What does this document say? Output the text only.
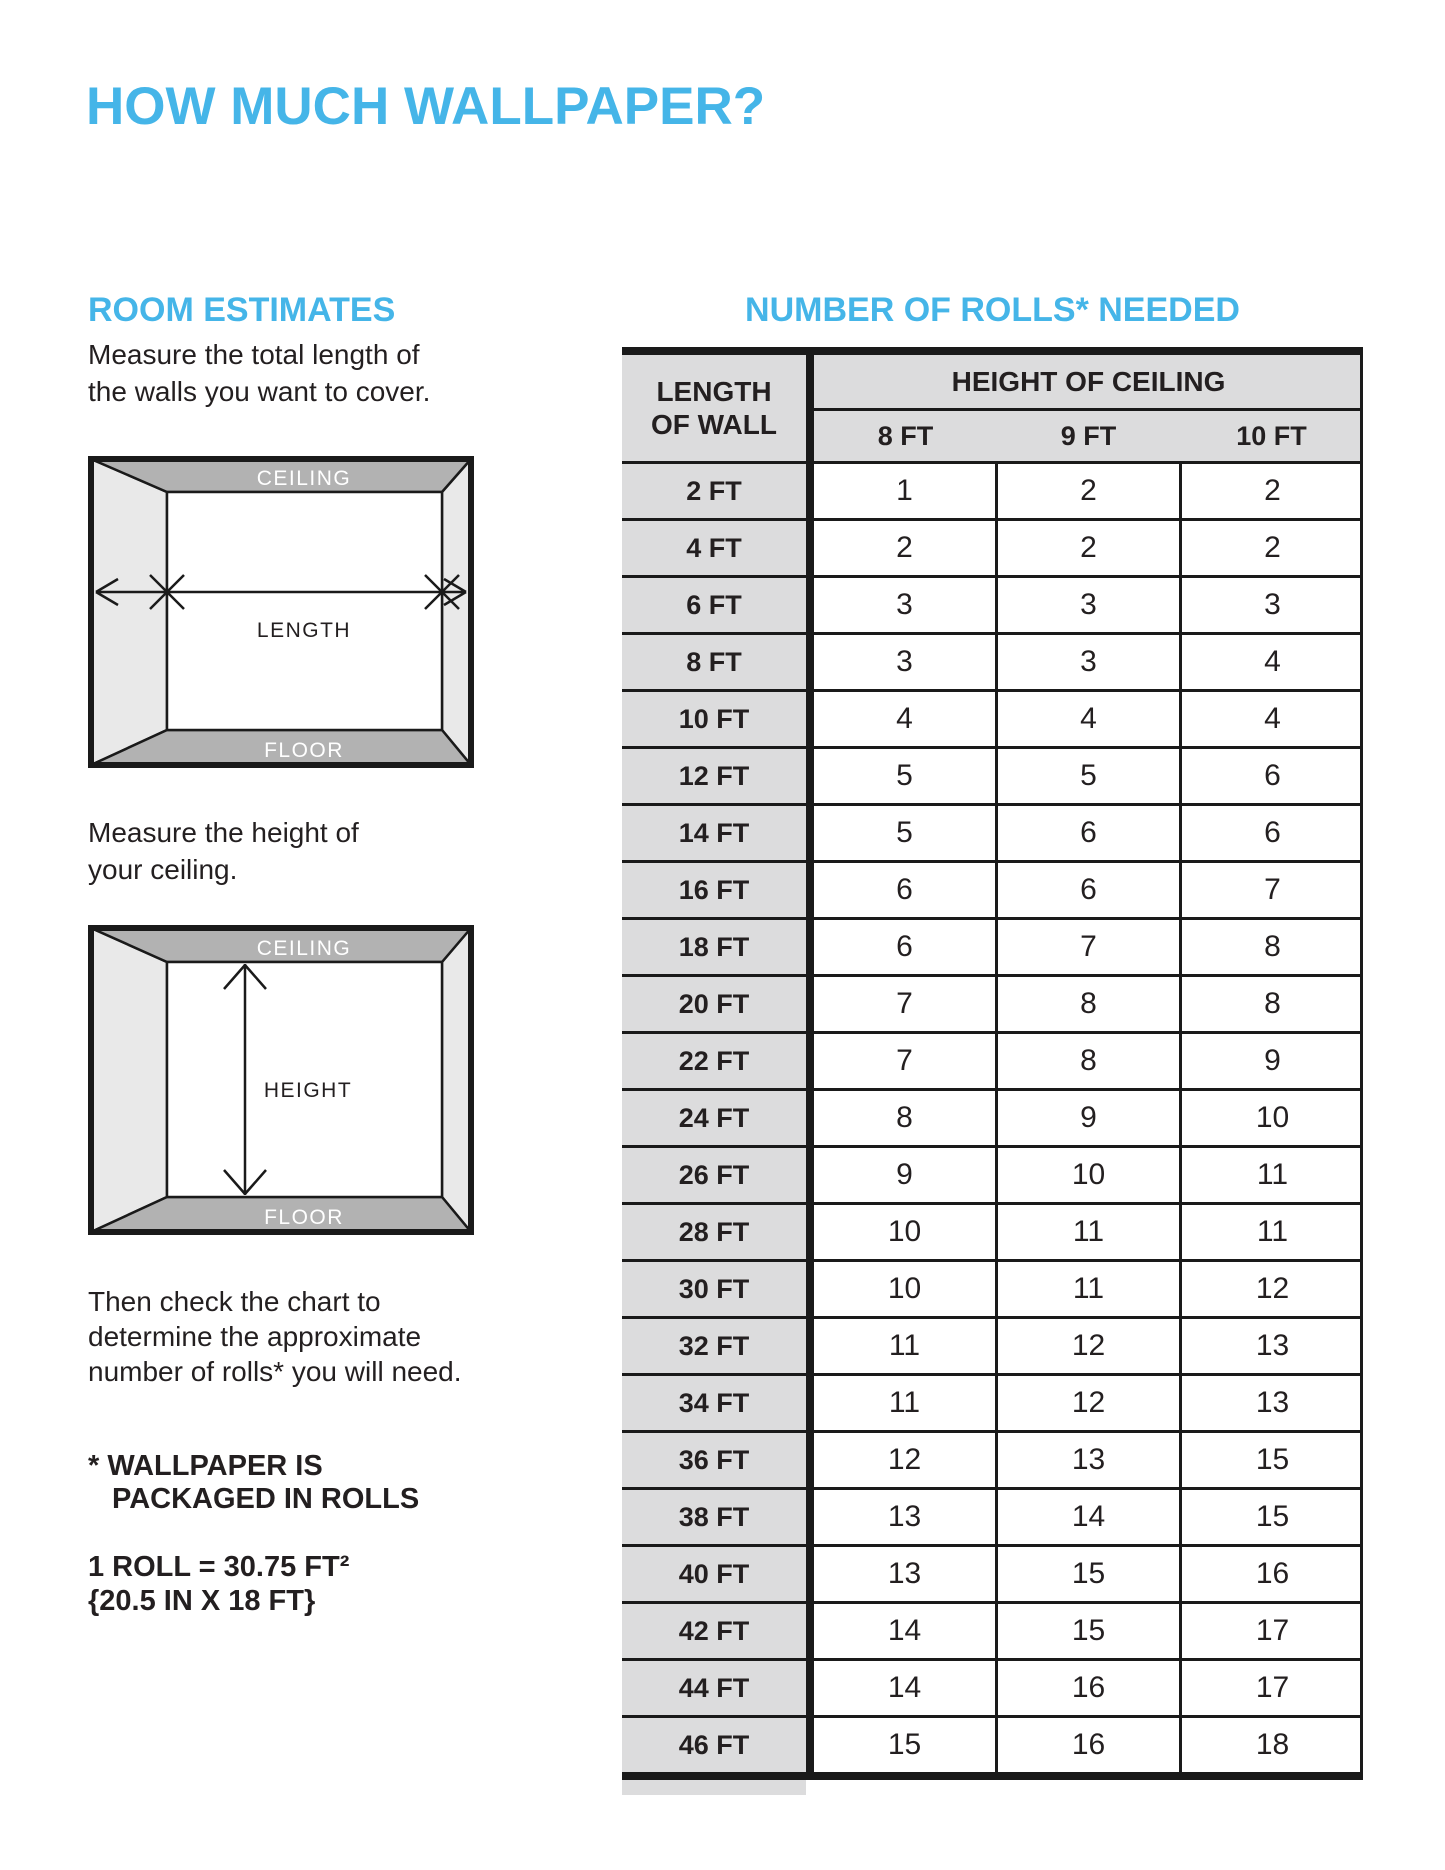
HOW MUCH WALLPAPER?
ROOM ESTIMATES	NUMBER OF ROLLS* NEEDED
Measure the total length of
the walls you want to cover.
CEILING
LENGTH
FLOOR
Measure the height of
your ceiling.
CEILING
HEIGHT
FLOOR
Then check the chart to
determine the approximate
number of rolls* you will need.
* WALLPAPER IS
PACKAGED IN ROLLS
1 ROLL = 30.75 FT²
{20.5 IN X 18 FT}
LENGTH
OF WALL
HEIGHT OF CEILING
8 FT	9 FT	10 FT
2 FT	1	2	2
4 FT	2	2	2
6 FT	3	3	3
8 FT	3	3	4
10 FT	4	4	4
12 FT	5	5	6
14 FT	5	6	6
16 FT	6	6	7
18 FT	6	7	8
20 FT	7	8	8
22 FT	7	8	9
24 FT	8	9	10
26 FT	9	10	11
28 FT	10	11	11
30 FT	10	11	12
32 FT	11	12	13
34 FT	11	12	13
36 FT	12	13	15
38 FT	13	14	15
40 FT	13	15	16
42 FT	14	15	17
44 FT	14	16	17
46 FT	15	16	18
